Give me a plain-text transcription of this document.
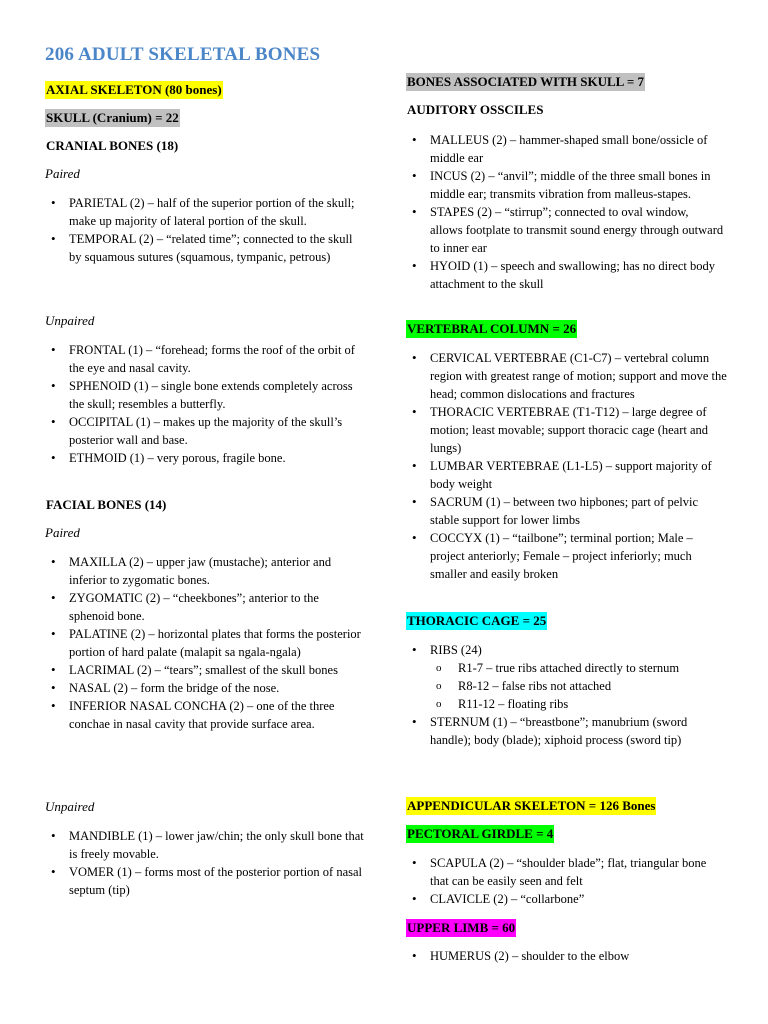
206 ADULT SKELETAL BONES
AXIAL SKELETON (80 bones)
SKULL (Cranium) = 22
CRANIAL BONES (18)
Paired
• PARIETAL (2) – half of the superior portion of the skull; make up majority of lateral portion of the skull.
• TEMPORAL (2) – “related time”; connected to the skull by squamous sutures (squamous, tympanic, petrous)
Unpaired
• FRONTAL (1) – “forehead; forms the roof of the orbit of the eye and nasal cavity.
• SPHENOID (1) – single bone extends completely across the skull; resembles a butterfly.
• OCCIPITAL (1) – makes up the majority of the skull’s posterior wall and base.
• ETHMOID (1) – very porous, fragile bone.
FACIAL BONES (14)
Paired
• MAXILLA (2) – upper jaw (mustache); anterior and inferior to zygomatic bones.
• ZYGOMATIC (2) – “cheekbones”; anterior to the sphenoid bone.
• PALATINE (2) – horizontal plates that forms the posterior portion of hard palate (malapit sa ngala-ngala)
• LACRIMAL (2) – “tears”; smallest of the skull bones
• NASAL (2) – form the bridge of the nose.
• INFERIOR NASAL CONCHA (2) – one of the three conchae in nasal cavity that provide surface area.
Unpaired
• MANDIBLE (1) – lower jaw/chin; the only skull bone that is freely movable.
• VOMER (1) – forms most of the posterior portion of nasal septum (tip)
BONES ASSOCIATED WITH SKULL = 7
AUDITORY OSSCILES
• MALLEUS (2) – hammer-shaped small bone/ossicle of middle ear
• INCUS (2) – “anvil”; middle of the three small bones in middle ear; transmits vibration from malleus-stapes.
• STAPES (2) – “stirrup”; connected to oval window, allows footplate to transmit sound energy through outward to inner ear
• HYOID (1) – speech and swallowing; has no direct body attachment to the skull
VERTEBRAL COLUMN = 26
• CERVICAL VERTEBRAE (C1-C7) – vertebral column region with greatest range of motion; support and move the head; common dislocations and fractures
• THORACIC VERTEBRAE (T1-T12) – large degree of motion; least movable; support thoracic cage (heart and lungs)
• LUMBAR VERTEBRAE (L1-L5) – support majority of body weight
• SACRUM (1) – between two hipbones; part of pelvic stable support for lower limbs
• COCCYX (1) – “tailbone”; terminal portion; Male – project anteriorly; Female – project inferiorly; much smaller and easily broken
THORACIC CAGE = 25
• RIBS (24)
o R1-7 – true ribs attached directly to sternum
o R8-12 – false ribs not attached
o R11-12 – floating ribs
• STERNUM (1) – “breastbone”; manubrium (sword handle); body (blade); xiphoid process (sword tip)
APPENDICULAR SKELETON = 126 Bones
PECTORAL GIRDLE = 4
• SCAPULA (2) – “shoulder blade”; flat, triangular bone that can be easily seen and felt
• CLAVICLE (2) – “collarbone”
UPPER LIMB = 60
• HUMERUS (2) – shoulder to the elbow
